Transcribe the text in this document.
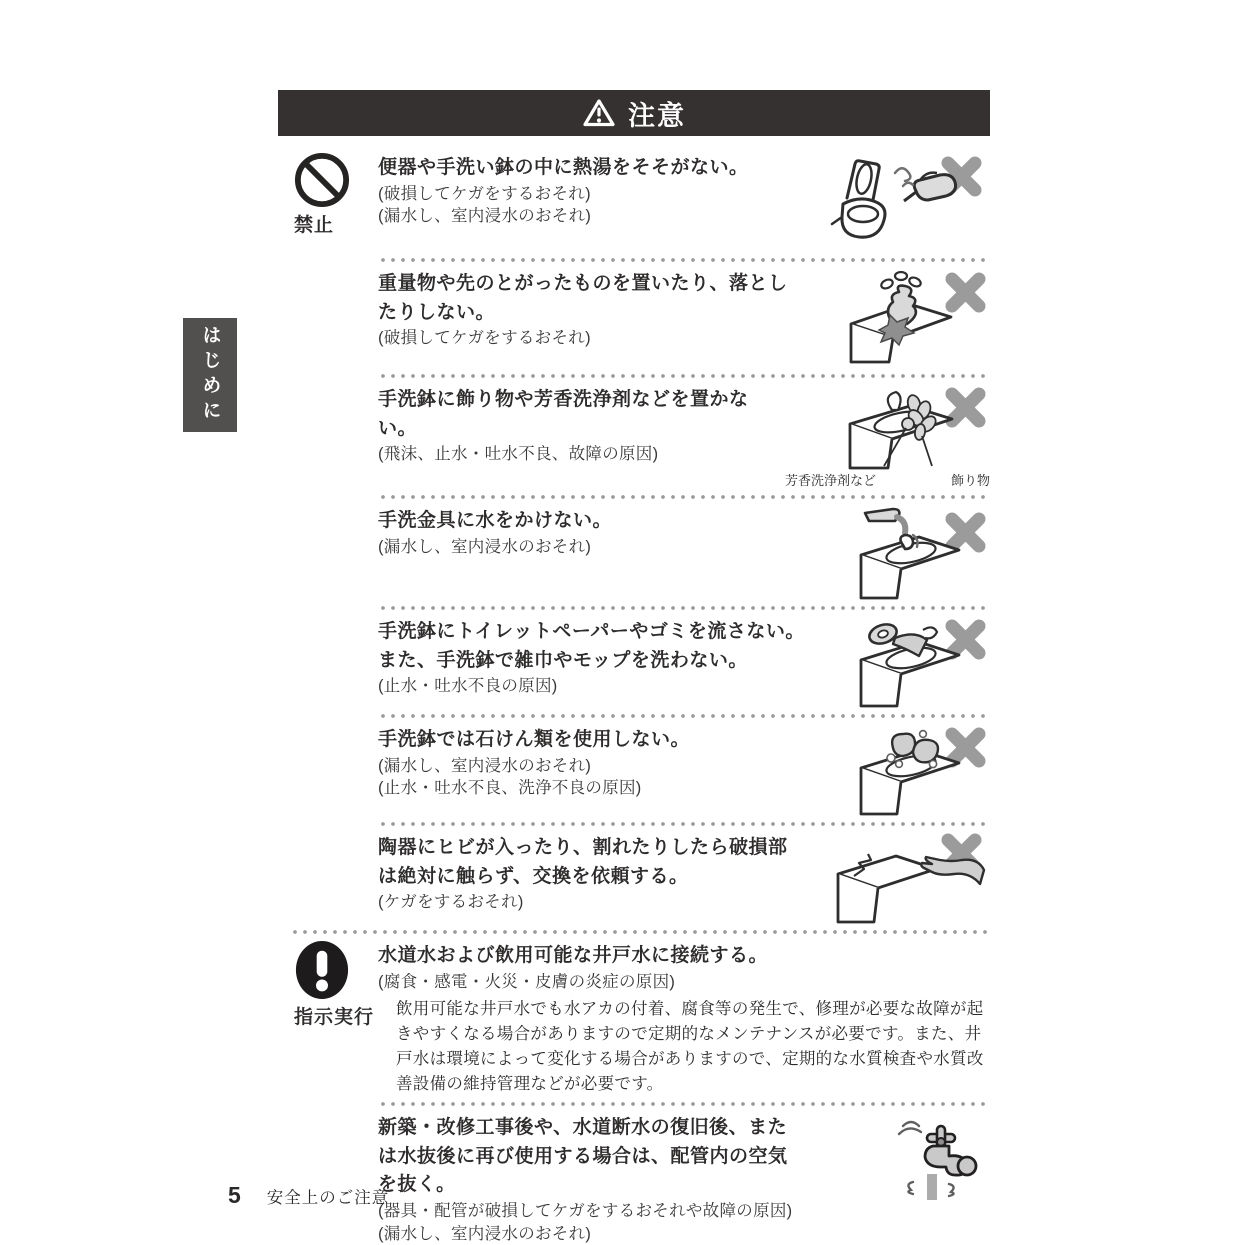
注意
はじめに
禁止
便器や手洗い鉢の中に熱湯をそそがない。
(破損してケガをするおそれ)
(漏水し、室内浸水のおそれ)
重量物や先のとがったものを置いたり、落としたりしない。
(破損してケガをするおそれ)
手洗鉢に飾り物や芳香洗浄剤などを置かない。
(飛沫、止水・吐水不良、故障の原因)
芳香洗浄剤など	飾り物
手洗金具に水をかけない。
(漏水し、室内浸水のおそれ)
手洗鉢にトイレットペーパーやゴミを流さない。また、手洗鉢で雑巾やモップを洗わない。
(止水・吐水不良の原因)
手洗鉢では石けん類を使用しない。
(漏水し、室内浸水のおそれ)
(止水・吐水不良、洗浄不良の原因)
陶器にヒビが入ったり、割れたりしたら破損部は絶対に触らず、交換を依頼する。
(ケガをするおそれ)
指示実行
水道水および飲用可能な井戸水に接続する。
(腐食・感電・火災・皮膚の炎症の原因)
飲用可能な井戸水でも水アカの付着、腐食等の発生で、修理が必要な故障が起きやすくなる場合がありますので定期的なメンテナンスが必要です。また、井戸水は環境によって変化する場合がありますので、定期的な水質検査や水質改善設備の維持管理などが必要です。
新築・改修工事後や、水道断水の復旧後、または水抜後に再び使用する場合は、配管内の空気を抜く。
(器具・配管が破損してケガをするおそれや故障の原因)
(漏水し、室内浸水のおそれ)
5 安全上のご注意
